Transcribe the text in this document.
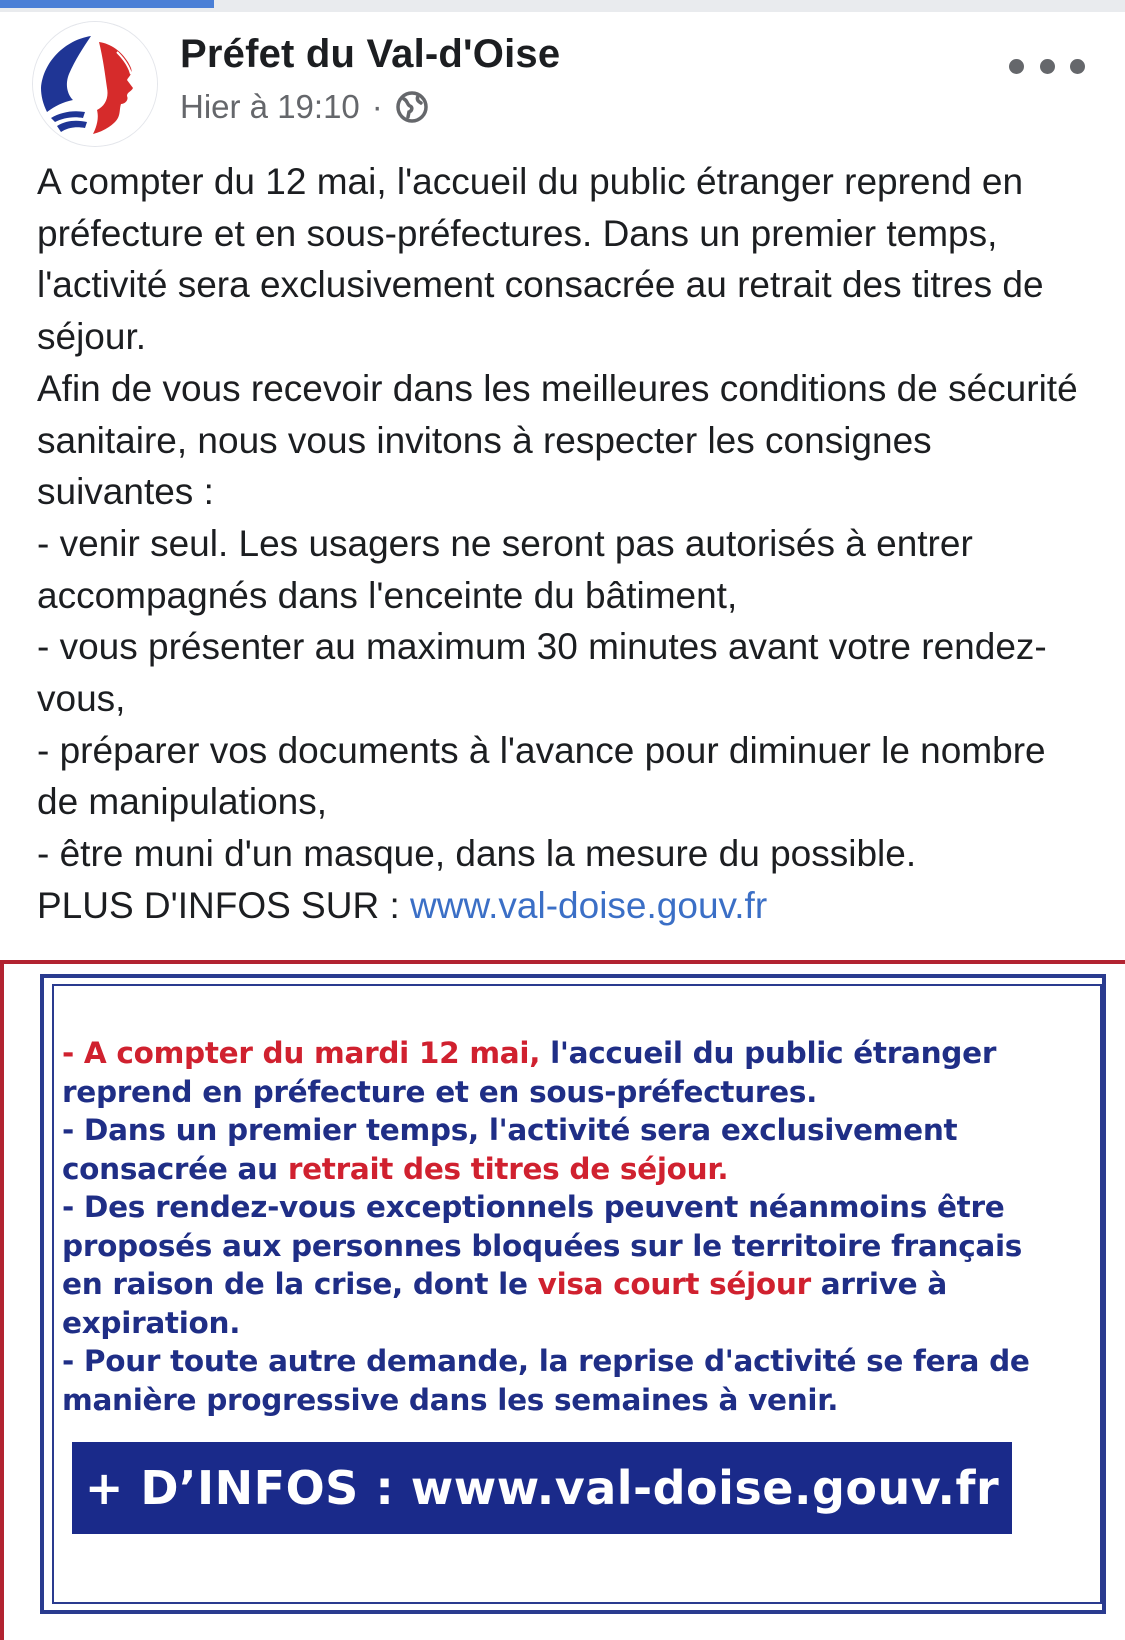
Préfet du Val-d'Oise
Hier à 19:10 ·

A compter du 12 mai, l'accueil du public étranger reprend en préfecture et en sous-préfectures. Dans un premier temps, l'activité sera exclusivement consacrée au retrait des titres de séjour.

Afin de vous recevoir dans les meilleures conditions de sécurité sanitaire, nous vous invitons à respecter les consignes suivantes :

- venir seul. Les usagers ne seront pas autorisés à entrer accompagnés dans l'enceinte du bâtiment,

- vous présenter au maximum 30 minutes avant votre rendez-vous,

- préparer vos documents à l'avance pour diminuer le nombre de manipulations,

- être muni d'un masque, dans la mesure du possible.

PLUS D'INFOS SUR : www.val-doise.gouv.fr

- A compter du mardi 12 mai, l'accueil du public étranger reprend en préfecture et en sous-préfectures.

- Dans un premier temps, l'activité sera exclusivement consacrée au retrait des titres de séjour.

- Des rendez-vous exceptionnels peuvent néanmoins être proposés aux personnes bloquées sur le territoire français en raison de la crise, dont le visa court séjour arrive à expiration.

- Pour toute autre demande, la reprise d'activité se fera de manière progressive dans les semaines à venir.

+ D’INFOS : www.val-doise.gouv.fr
